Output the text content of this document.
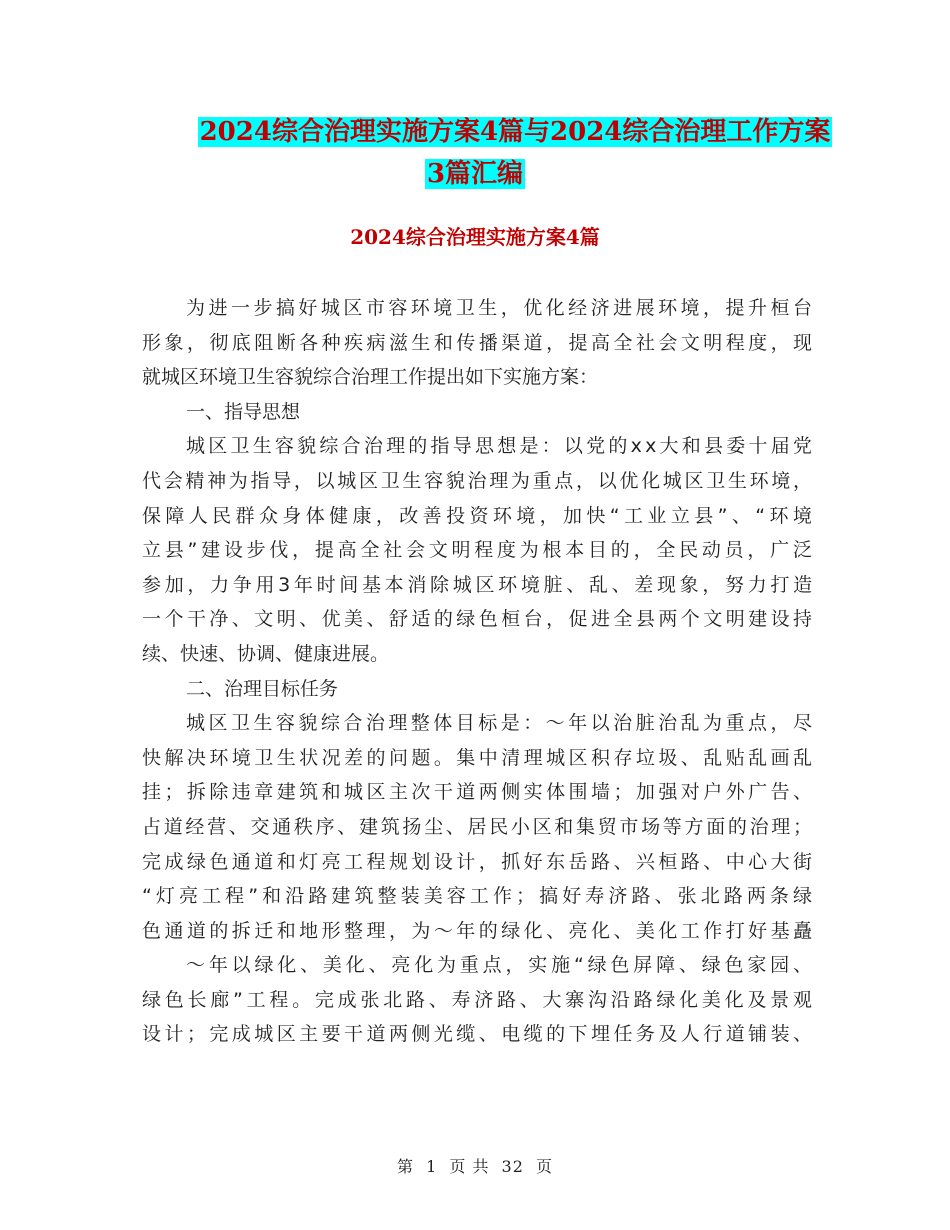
2024综合治理实施方案4篇与2024综合治理工作方案
3篇汇编
2024综合治理实施方案4篇
为进一步搞好城区市容环境卫生，优化经济进展环境，提升桓台
形象，彻底阻断各种疾病滋生和传播渠道，提高全社会文明程度，现
就城区环境卫生容貌综合治理工作提出如下实施方案：
一、指导思想
城区卫生容貌综合治理的指导思想是：以党的xx大和县委十届党
代会精神为指导，以城区卫生容貌治理为重点，以优化城区卫生环境，
保障人民群众身体健康，改善投资环境，加快“工业立县”、“环境
立县”建设步伐，提高全社会文明程度为根本目的，全民动员，广泛
参加，力争用3年时间基本消除城区环境脏、乱、差现象，努力打造
一个干净、文明、优美、舒适的绿色桓台，促进全县两个文明建设持
续、快速、协调、健康进展。
二、治理目标任务
城区卫生容貌综合治理整体目标是：～年以治脏治乱为重点，尽
快解决环境卫生状况差的问题。集中清理城区积存垃圾、乱贴乱画乱
挂；拆除违章建筑和城区主次干道两侧实体围墙；加强对户外广告、
占道经营、交通秩序、建筑扬尘、居民小区和集贸市场等方面的治理；
完成绿色通道和灯亮工程规划设计，抓好东岳路、兴桓路、中心大街
“灯亮工程”和沿路建筑整装美容工作；搞好寿济路、张北路两条绿
色通道的拆迁和地形整理，为～年的绿化、亮化、美化工作打好基矗
～年以绿化、美化、亮化为重点，实施“绿色屏障、绿色家园、
绿色长廊”工程。完成张北路、寿济路、大寨沟沿路绿化美化及景观
设计；完成城区主要干道两侧光缆、电缆的下埋任务及人行道铺装、
第 1 页 共 32 页
